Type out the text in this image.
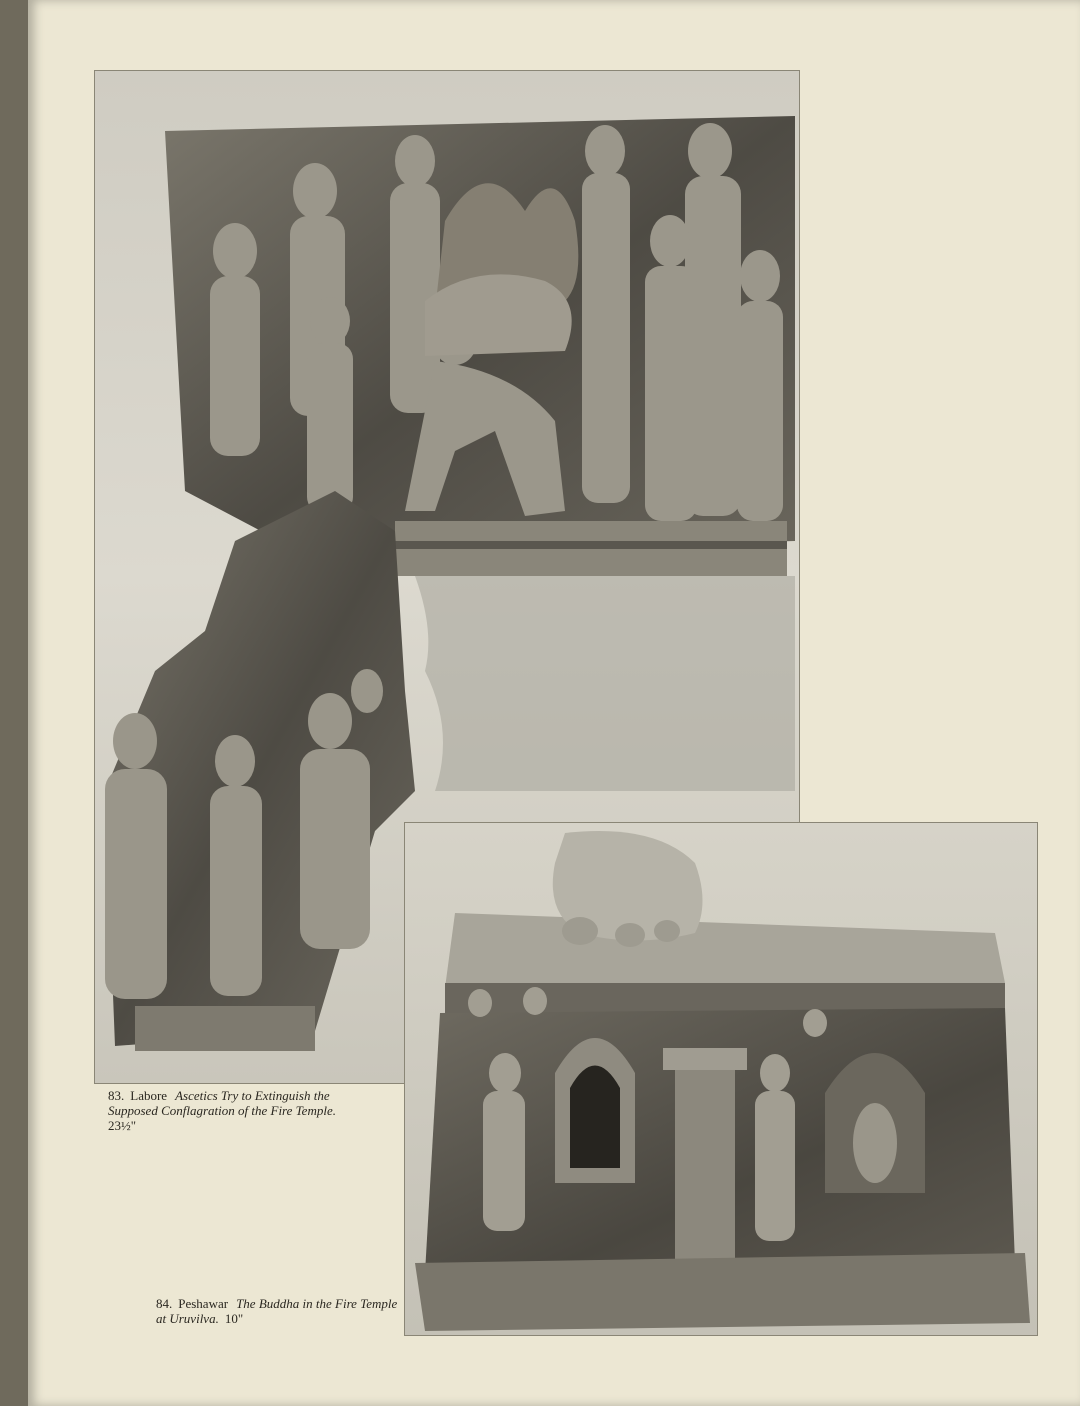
83. Labore Ascetics Try to Extinguish the Supposed Conflagration of the Fire Temple.
23½"
84. Peshawar The Buddha in the Fire Temple at Uruvilva. 10"
